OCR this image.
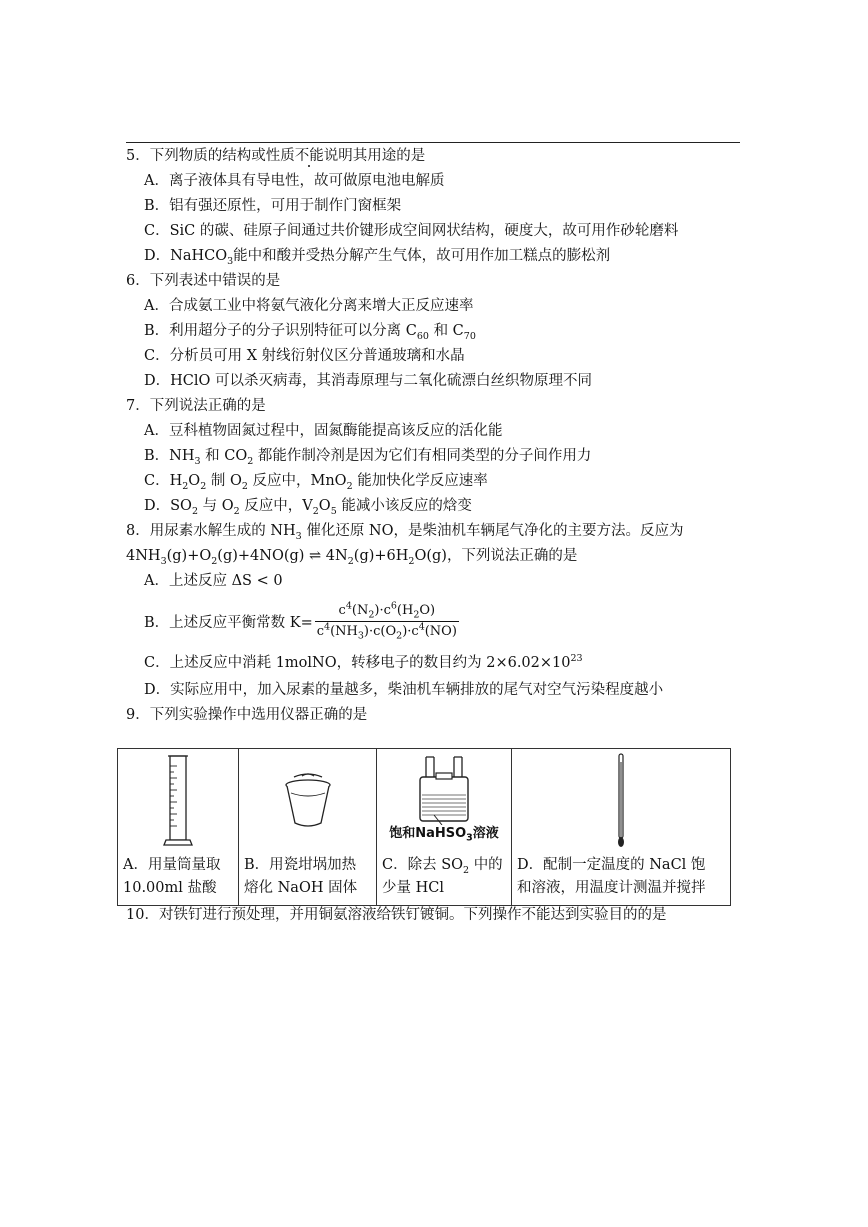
5．下列物质的结构或性质不能说明其用途的是
A．离子液体具有导电性，故可做原电池电解质
B．铝有强还原性，可用于制作门窗框架
C．SiC 的碳、硅原子间通过共价键形成空间网状结构，硬度大，故可用作砂轮磨料
D．NaHCO$_3$能中和酸并受热分解产生气体，故可用作加工糕点的膨松剂
6．下列表述中错误的是
A．合成氨工业中将氨气液化分离来增大正反应速率
B．利用超分子的分子识别特征可以分离 $C_{60}$ 和 $C_{70}$
C．分析员可用 X 射线衍射仪区分普通玻璃和水晶
D．HClO 可以杀灭病毒，其消毒原理与二氧化硫漂白丝织物原理不同
7．下列说法正确的是
A．豆科植物固氮过程中，固氮酶能提高该反应的活化能
B．$NH_3$ 和 $CO_2$ 都能作制冷剂是因为它们有相同类型的分子间作用力
C．$H_2O_2$ 制 $O_2$ 反应中，MnO$_2$ 能加快化学反应速率
D．$SO_2$ 与 $O_2$ 反应中，$V_2O_5$ 能减小该反应的焓变
8．用尿素水解生成的 $NH_3$ 催化还原 NO，是柴油机车辆尾气净化的主要方法。反应为
$4NH_3(g)+O_2(g)+4NO(g)$ ⇌ $4N_2(g)+6H_2O(g)$，下列说法正确的是
A．上述反应 ΔS < 0
B．上述反应平衡常数 $K= \frac{c^4(N_2)\cdot c^6(H_2O)}{c^4(NH_3)\cdot c(O_2)\cdot c^4(NO)}$
C．上述反应中消耗 1molNO，转移电子的数目约为 $2\times 6.02\times 10^{23}$
D．实际应用中，加入尿素的量越多，柴油机车辆排放的尾气对空气污染程度越小
9．下列实验操作中选用仪器正确的是
A．用量筒量取
10.00ml 盐酸

B．用瓷坩埚加热
熔化 NaOH 固体

饱和NaHSO$_3$溶液
C．除去 $SO_2$ 中的
少量 HCl

D．配制一定温度的 NaCl 饱
和溶液，用温度计测温并搅拌
10．对铁钉进行预处理，并用铜氨溶液给铁钉镀铜。下列操作不能达到实验目的的是
